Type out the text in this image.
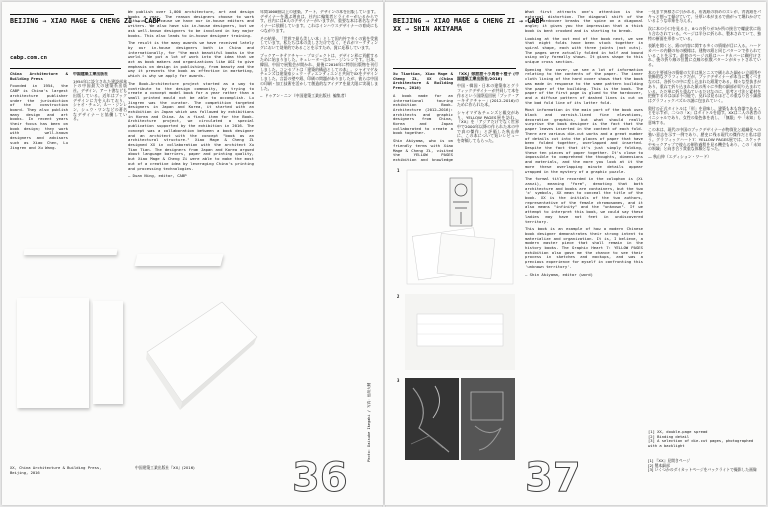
BEIJING → XIAO MAGE & CHENG ZI → CABP
cabp.com.cn

China Architecture & Building Press

Founded in 1954, the CABP is China's largest architecture publisher under the jurisdiction of the construction board. They also publish many design and art books. In recent years their focus has been on book design; they work with well-known designers and advisors such as Xiao Chen, Lu Jingren and Xu Wang.

中国建築工業出版社

1954年に設立された建設部傘下の中国最大の建築系出版社。デザイン、アート書なども出版している。近年はブックデザインに力を入れており、シャオ・チェン、ルー・ジンレン、シュウ・ワンなどの著名なデザイナーと協働している。

We publish over 1,000 architecture, art and design books a year. The reason designers choose to work with us is because we have our in-house editors and writers. We also have six in-house designers, but we ask well-known designers to be involved in key major books. This also leads to in-house designer training.

The result is the many awards we have received lately by our in-house designers both in China and internationally, for "the most beautiful books in the world." We put a lot of work into the idea that we act as book makers and organizations like AGI to give emphasis on design in publishing, from beauty and the way it presents the book as effective in marketing, which is why we apply for awards.

The Book-Architecture project started as a way to contribute to the design community, by trying to create a concept model book for a year rather than a small printed mould not be able to accomplish. Lu Jingren was the curator. The competition targeted designers in Japan and Korea, it started with an exhibition in Japan which was followed by exhibitions in Korea and China. As a final item for the Book-Architecture project, we circulated a special publication supported by the exhibition in 2016. The concept was a collaboration between a book designer and an architect with the concept "book as an architectural structure." Xiao Mage & Cheng Zi designed XX in collaboration with the architect Xu Tian Tian. The designers from Japan and Korea argued about language barriers, paper and printing quality, but Xiao Mage & Cheng Zi were able to make the most out of a creative idea by leveraging China's printing and processing technologies.

— Duan Ning, editor, CABP

年間1000冊以上の建築、アート、デザインの本を出版しています。デザイナーを選ぶ理由は、社内に編集者とライターがいるからです。社内には6人のデザイナーがいますが、重要な本は著名なデザイナーに依頼しています。これはインハウスデザイナーの育成にもつながります。

その結果、「世界で最も美しい本」として国内外で多くの賞を受賞しています。私たちは本の美しさだけでなく、それがマーケティングにおいて効果的であることを示すため、賞に応募しています。

ブックアーキテクチャー・プロジェクトは、デザイン界に貢献するために始まりました。キュレーターはルー・ジンレンです。日本、韓国、中国で展覧会が開かれ、最後に2016年に特別出版物を刊行しました。コンセプトは「建築的構造としての本」。シャオマゲ＆チェンズは建築家シュウ・ティエンティエンと共同でXXをデザインしました。言語の壁や紙、印刷の問題がありましたが、彼らは中国の印刷・加工技術を活かして創造的なアイデアを最大限に実現しました。

— ドゥアン・ニン（中国建築工業出版社 編集者）

XX, China Architecture & Building Press, Beijing, 2016
中国建築工業出版社『XX』(2016)	36
Photo: Daisuke Ikegaki / 写真：池垣大輔
BEIJING → XIAO MAGE & CHENG ZI → CABP
XX → SHIN AKIYAMA

Xu Tiantian, Xiao Mage & Cheng Zi, XX (China Architecture & Building Press, 2016)

A book made for an international touring exhibition Book-Architecture (2012–2016): architects and graphic designers from China, Korea and Japan collaborated to create a book together.

Shin Akiyama, who is on friendly terms with Xiao Mage & Cheng Zi, visited the YELLOW PAGES exhibition and knowledge

『XX』徐甜甜＋小馬哥＋橙子 (中国建築工業出版社/2016)

中国・韓国・日本の建築家とグラフィックデザイナーが共同して本を作るという国際巡回展「ブック・アーキテクチャー」(2012–2016)のために作られた本。

シャオマゲ＆チェンズと親交があり、YELLOW PAGES展を訪れ、『XX』を「アジアだけでなく世界中で2000年以降の作られた本の中で真の傑作」と評価した秋山伸に、この本について短いレビューを寄稿してもらった。

1
2
3

What first attracts one's attention is the external distortion. The diagonal shift of the cloth hardcover breaks the spine on a diagonal angle; it gives you the impression that a thick book is bent crooked and is starting to break.

Looking at the out end of the book next, we see that eight folds have been stuck together in spiral shape, each with three joints (not cuts). The pages were actually folded in half and bound using only formally shown. It gives shape to this unique cross section.

Opening the cover, we see a lot of information relating to the contents of the paper. The inner cloth lining of the hard cover shows that the book was made in response to the same pattern building the paper of the building. This is the book. The paper of the first page is glued to the hardcover, and a diffuse pattern of dashed lines is cut on the bad fold line of its latter fold.

Most information in the main part of the book uses black and varnish-lined fine elevations, decorative graphics, but what should really surprise the book designer is the fact that the paper leaves inserted in the content of each fold. There are various die-cut works and a great number of details cut into the places of paper that have been folded together, overlapped and inserted. Despite the fact that it's just simply folding, these ten pieces of paper together. It's close to impossible to comprehend the thoughts, dimensions and materials, and the more you look at it the more these overlapping minute details appear wrapped in the mystery of a graphic puzzle.

The formal title recorded in the colophon is (Xi zanzi), meaning "form", denoting that both architecture and books are containers, but the two 'x' symbols, XX mean to conceal the title of the book. XX is the initials of the two authors, representative of the female chromosomes, and it also means "infinity" and the "unknown". If we attempt to interpret this book, we could say these ladies may have not feet in undiscovered territory.

This book is an example of how a modern Chinese book designer demonstrates their strong intent to materialize and organization. It is, I believe, a modern master piece that shall remain in the history books. The Graphic Heart 7: YELLOW PAGES exhibition also gave me the chance to see their process in sketches and mockups, and was a precious experience for myself in confronting this 'unknown territory'.

— Shin Akiyama, editor (word)

一見まず異様さに引かれる。布表紙の斜めのズレが、背表紙をパキっと割って傾けていて、分厚い本がまるで曲がって壊れかけているような印象を与える。

次に本の小口を見ると、8つの折りが3か所の接合で螺旋状に貼り合わされている。ページは半分に折られ、製本されていて、独特の断面を形作っている。

表紙を開くと、紙の内容に関する多くの情報が目に入る。ハードカバーの内側の布の模様は、建物の紙と同じパターンで作られていることを示す。最初のページの紙はハードカバーに糊付けされ、後の折り線の位置に点線の拡散パターンがカットされている。

本の主要部分の情報の大半は黒とニスで刷られた細かい立面図や装飾的なグラフィックだが、ブックデザイナーが本当に驚くべきなのは、各折りの中に差し込まれた紙葉である。様々な型抜きがあり、重ねて折り込まれた紙の所々に多数の細部が切り込まれている。ただ単に折り重ねているだけなのに、思考と寸法と素材を把握するのはほぼ不可能で、見れば見るほどこの重なり合う細部はグラフィックパズルの謎に包まれていく。

奥付の正式タイトルは「形」を意味し、建築も本も容器であることを示すが、二つの「X」はタイトルを隠す。XXは二人の著者のイニシャルであり、女性の染色体を表し、「無限」や「未知」も意味する。

この本は、現代の中国のブックデザイナーが物質化と組織化への強い意志を示す一例であり、歴史に残る現代の傑作だと私は思う。グラフィックハート7：YELLOW PAGES展では、スケッチやモックアップで彼らの制作過程を見る機会もあり、この「未知の領域」と向き合う貴重な体験となった。

— 秋山伸（エディション・ワード）

[1] XX, double-page spread
[2] Binding detail
[3] A selection of die-cut pages, photographed with a backlight
[1] 『XX』見開きページ
[2] 製本細部
[3] いくつかのダイカットページをバックライトで撮影した画像
37
